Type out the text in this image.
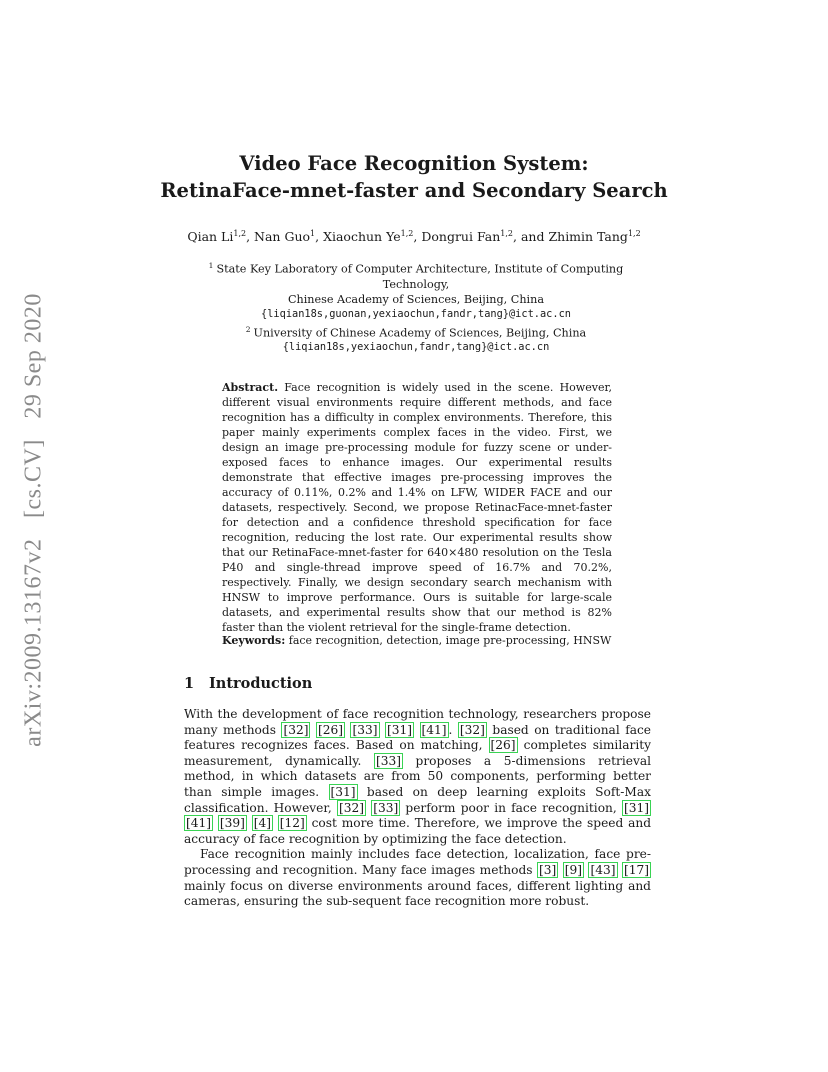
arXiv:2009.13167v2 [cs.CV] 29 Sep 2020
Video Face Recognition System:
RetinaFace-mnet-faster and Secondary Search
Qian Li$^{1,2}$, Nan Guo$^1$, Xiaochun Ye$^{1,2}$, Dongrui Fan$^{1,2}$, and Zhimin Tang$^{1,2}$
$^1$ State Key Laboratory of Computer Architecture, Institute of Computing
Technology,
Chinese Academy of Sciences, Beijing, China
{liqian18s,guonan,yexiaochun,fandr,tang}@ict.ac.cn
$^2$ University of Chinese Academy of Sciences, Beijing, China
{liqian18s,yexiaochun,fandr,tang}@ict.ac.cn
Abstract. Face recognition is widely used in the scene. However, different visual environments require different methods, and face recognition has a difficulty in complex environments. Therefore, this paper mainly experiments complex faces in the video. First, we design an image pre-processing module for fuzzy scene or under-exposed faces to enhance images. Our experimental results demonstrate that effective images pre-processing improves the accuracy of 0.11%, 0.2% and 1.4% on LFW, WIDER FACE and our datasets, respectively. Second, we propose RetinacFace-mnet-faster for detection and a confidence threshold specification for face recognition, reducing the lost rate. Our experimental results show that our RetinaFace-mnet-faster for 640×480 resolution on the Tesla P40 and single-thread improve speed of 16.7% and 70.2%, respectively. Finally, we design secondary search mechanism with HNSW to improve performance. Ours is suitable for large-scale datasets, and experimental results show that our method is 82% faster than the violent retrieval for the single-frame detection.
Keywords: face recognition, detection, image pre-processing, HNSW
1 Introduction

With the development of face recognition technology, researchers propose many methods [32] [26] [33] [31] [41] . [32] based on traditional face features recognizes faces. Based on matching, [26] completes similarity measurement, dynamically. [33] proposes a 5-dimensions retrieval method, in which datasets are from 50 components, performing better than simple images. [31] based on deep learning exploits Soft-Max classification. However, [32] [33] perform poor in face recognition, [31] [41] [39] [4] [12] cost more time. Therefore, we improve the speed and accuracy of face recognition by optimizing the face detection.

Face recognition mainly includes face detection, localization, face pre-processing and recognition. Many face images methods [3] [9] [43] [17] mainly focus on diverse environments around faces, different lighting and cameras, ensuring the sub-sequent face recognition more robust.
